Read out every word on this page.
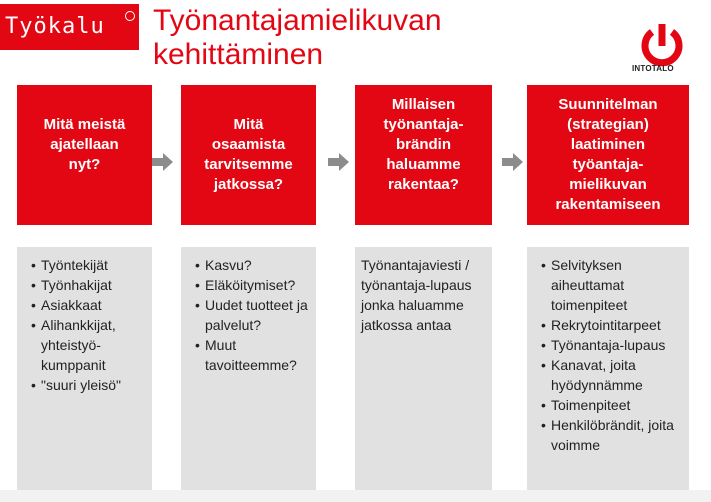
Työkalu Työnantajamielikuvan
kehittäminen	INTOTALO
Mitä meistä
ajatellaan
nyt?
Mitä osaamista
tarvitsemme
jatkossa?
Millaisen
työnantaja-
brändin
haluamme
rakentaa?
Suunnitelman
(strategian)
laatiminen
työantaja-
mielikuvan
rakentamiseen
• Työntekijät
• Työnhakijat
• Asiakkaat
• Alihankkijat, yhteistyö-kumppanit
• "suuri yleisö"
• Kasvu?
• Eläköitymiset?
• Uudet tuotteet ja palvelut?
• Muut tavoitteemme?

Työnantajaviesti / työnantaja-lupaus jonka haluamme jatkossa antaa

• Selvityksen aiheuttamat toimenpiteet
• Rekrytointitarpeet
• Työnantaja-lupaus
• Kanavat, joita hyödynnämme
• Toimenpiteet
• Henkilöbrändit, joita voimme
